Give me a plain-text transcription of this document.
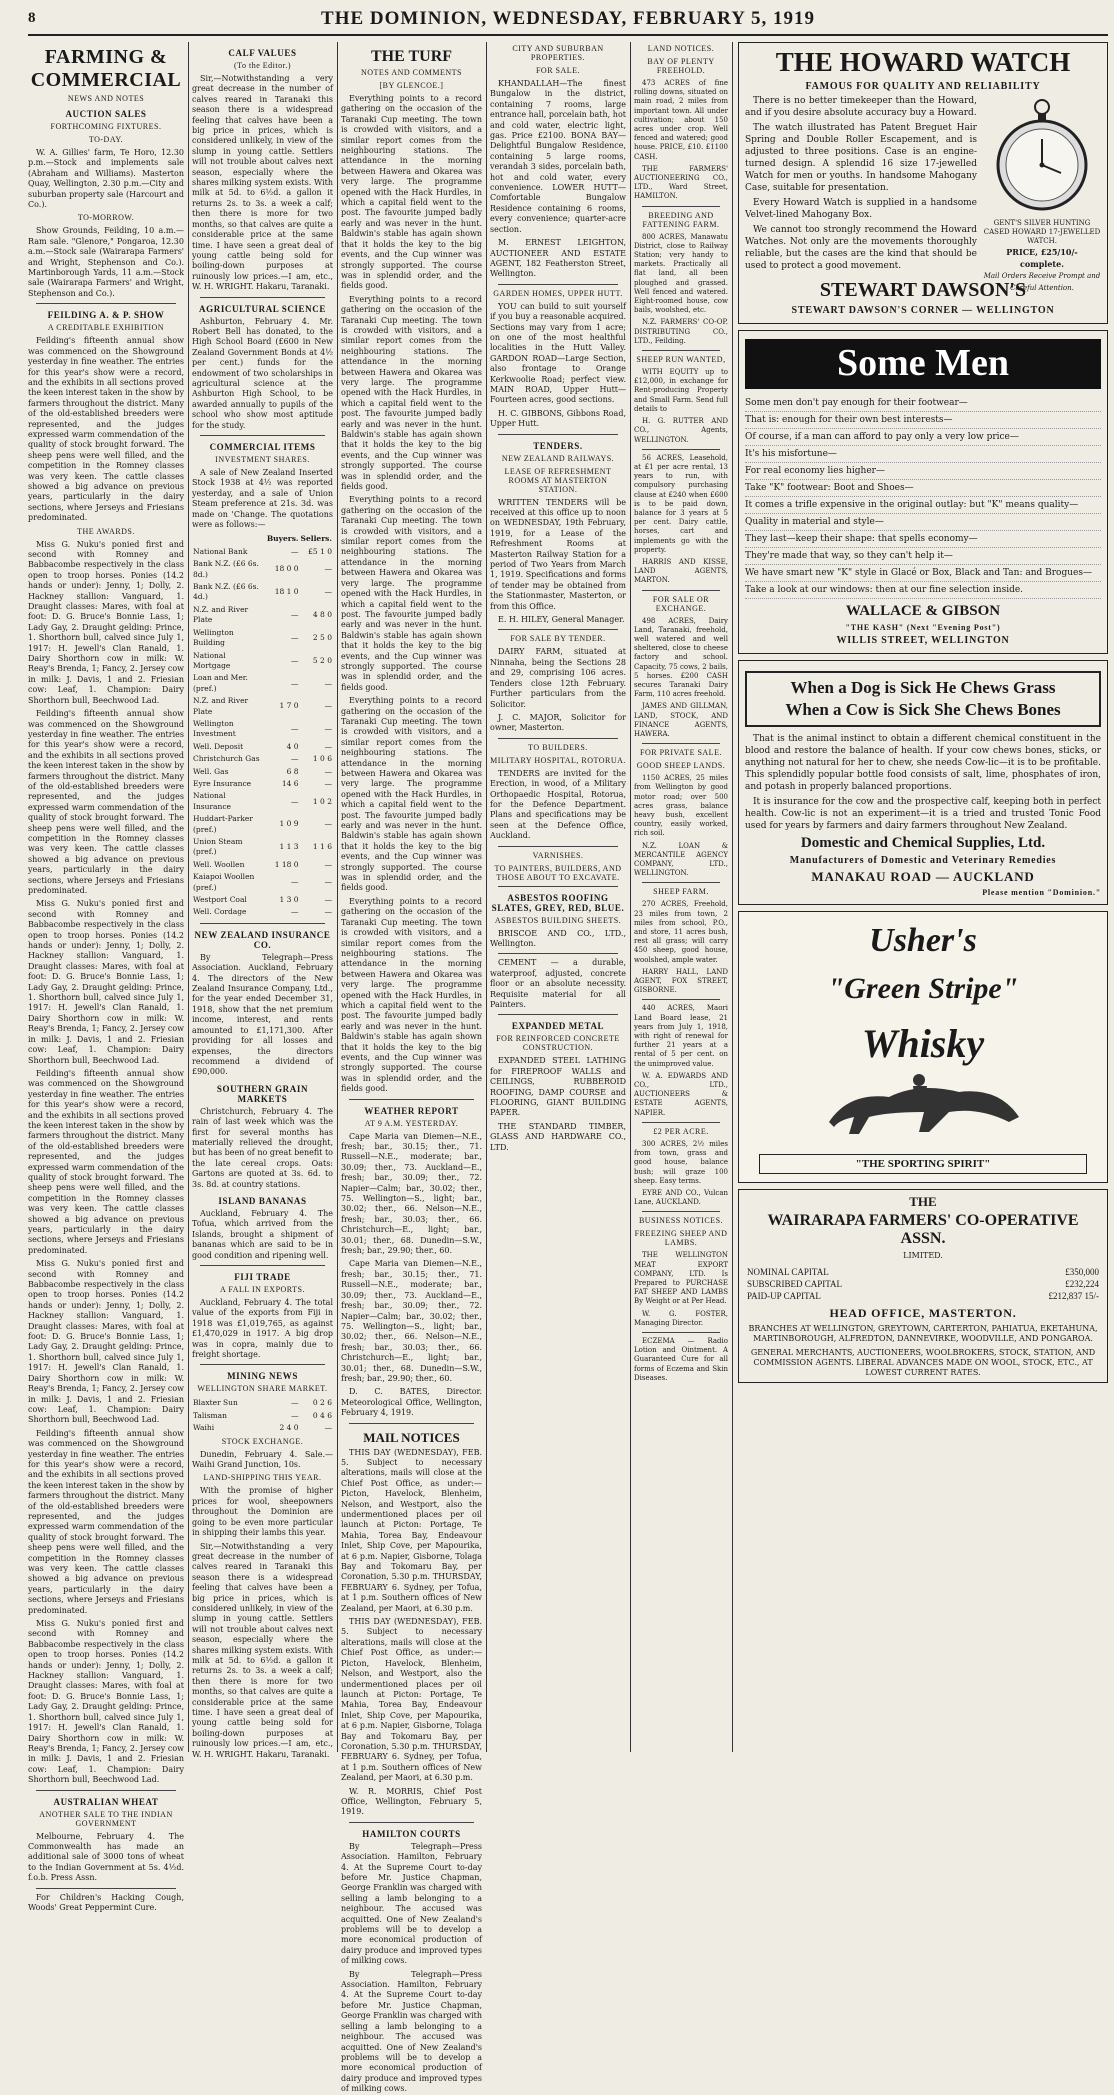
8	THE DOMINION, WEDNESDAY, FEBRUARY 5, 1919
FARMING & COMMERCIAL
NEWS AND NOTES
AUCTION SALES
FORTHCOMING FIXTURES.
TO-DAY.

W. A. Gillies' farm, Te Horo, 12.30 p.m.—Stock and implements sale (Abraham and Williams). Masterton Quay, Wellington, 2.30 p.m.—City and suburban property sale (Harcourt and Co.).

TO-MORROW.

Show Grounds, Feilding, 10 a.m.—Ram sale. "Glenore," Pongaroa, 12.30 a.m.—Stock sale (Wairarapa Farmers' and Wright, Stephenson and Co.). Martinborough Yards, 11 a.m.—Stock sale (Wairarapa Farmers' and Wright, Stephenson and Co.).

FEILDING A. & P. SHOW
A CREDITABLE EXHIBITION

Feilding's fifteenth annual show was commenced on the Showground yesterday in fine weather. The entries for this year's show were a record, and the exhibits in all sections proved the keen interest taken in the show by farmers throughout the district. Many of the old-established breeders were represented, and the judges expressed warm commendation of the quality of stock brought forward. The sheep pens were well filled, and the competition in the Romney classes was very keen. The cattle classes showed a big advance on previous years, particularly in the dairy sections, where Jerseys and Friesians predominated.

THE AWARDS.

Miss G. Nuku's ponied first and second with Romney and Babbacombe respectively in the class open to troop horses. Ponies (14.2 hands or under): Jenny, 1; Dolly, 2. Hackney stallion: Vanguard, 1. Draught classes: Mares, with foal at foot: D. G. Bruce's Bonnie Lass, 1; Lady Gay, 2. Draught gelding: Prince, 1. Shorthorn bull, calved since July 1, 1917: H. Jewell's Clan Ranald, 1. Dairy Shorthorn cow in milk: W. Reay's Brenda, 1; Fancy, 2. Jersey cow in milk: J. Davis, 1 and 2. Friesian cow: Leaf, 1. Champion: Dairy Shorthorn bull, Beechwood Lad.

Feilding's fifteenth annual show was commenced on the Showground yesterday in fine weather. The entries for this year's show were a record, and the exhibits in all sections proved the keen interest taken in the show by farmers throughout the district. Many of the old-established breeders were represented, and the judges expressed warm commendation of the quality of stock brought forward. The sheep pens were well filled, and the competition in the Romney classes was very keen. The cattle classes showed a big advance on previous years, particularly in the dairy sections, where Jerseys and Friesians predominated.

Miss G. Nuku's ponied first and second with Romney and Babbacombe respectively in the class open to troop horses. Ponies (14.2 hands or under): Jenny, 1; Dolly, 2. Hackney stallion: Vanguard, 1. Draught classes: Mares, with foal at foot: D. G. Bruce's Bonnie Lass, 1; Lady Gay, 2. Draught gelding: Prince, 1. Shorthorn bull, calved since July 1, 1917: H. Jewell's Clan Ranald, 1. Dairy Shorthorn cow in milk: W. Reay's Brenda, 1; Fancy, 2. Jersey cow in milk: J. Davis, 1 and 2. Friesian cow: Leaf, 1. Champion: Dairy Shorthorn bull, Beechwood Lad.

Feilding's fifteenth annual show was commenced on the Showground yesterday in fine weather. The entries for this year's show were a record, and the exhibits in all sections proved the keen interest taken in the show by farmers throughout the district. Many of the old-established breeders were represented, and the judges expressed warm commendation of the quality of stock brought forward. The sheep pens were well filled, and the competition in the Romney classes was very keen. The cattle classes showed a big advance on previous years, particularly in the dairy sections, where Jerseys and Friesians predominated.

Miss G. Nuku's ponied first and second with Romney and Babbacombe respectively in the class open to troop horses. Ponies (14.2 hands or under): Jenny, 1; Dolly, 2. Hackney stallion: Vanguard, 1. Draught classes: Mares, with foal at foot: D. G. Bruce's Bonnie Lass, 1; Lady Gay, 2. Draught gelding: Prince, 1. Shorthorn bull, calved since July 1, 1917: H. Jewell's Clan Ranald, 1. Dairy Shorthorn cow in milk: W. Reay's Brenda, 1; Fancy, 2. Jersey cow in milk: J. Davis, 1 and 2. Friesian cow: Leaf, 1. Champion: Dairy Shorthorn bull, Beechwood Lad.

Feilding's fifteenth annual show was commenced on the Showground yesterday in fine weather. The entries for this year's show were a record, and the exhibits in all sections proved the keen interest taken in the show by farmers throughout the district. Many of the old-established breeders were represented, and the judges expressed warm commendation of the quality of stock brought forward. The sheep pens were well filled, and the competition in the Romney classes was very keen. The cattle classes showed a big advance on previous years, particularly in the dairy sections, where Jerseys and Friesians predominated.

Miss G. Nuku's ponied first and second with Romney and Babbacombe respectively in the class open to troop horses. Ponies (14.2 hands or under): Jenny, 1; Dolly, 2. Hackney stallion: Vanguard, 1. Draught classes: Mares, with foal at foot: D. G. Bruce's Bonnie Lass, 1; Lady Gay, 2. Draught gelding: Prince, 1. Shorthorn bull, calved since July 1, 1917: H. Jewell's Clan Ranald, 1. Dairy Shorthorn cow in milk: W. Reay's Brenda, 1; Fancy, 2. Jersey cow in milk: J. Davis, 1 and 2. Friesian cow: Leaf, 1. Champion: Dairy Shorthorn bull, Beechwood Lad.

AUSTRALIAN WHEAT
ANOTHER SALE TO THE INDIAN GOVERNMENT

Melbourne, February 4. The Commonwealth has made an additional sale of 3000 tons of wheat to the Indian Government at 5s. 4½d. f.o.b. Press Assn.

For Children's Hacking Cough, Woods' Great Peppermint Cure.

CALF VALUES
(To the Editor.)

Sir,—Notwithstanding a very great decrease in the number of calves reared in Taranaki this season there is a widespread feeling that calves have been a big price in prices, which is considered unlikely, in view of the slump in young cattle. Settlers will not trouble about calves next season, especially where the shares milking system exists. With milk at 5d. to 6½d. a gallon it returns 2s. to 3s. a week a calf; then there is more for two months, so that calves are quite a considerable price at the same time. I have seen a great deal of young cattle being sold for boiling-down purposes at ruinously low prices.—I am, etc., W. H. WRIGHT. Hakaru, Taranaki.

AGRICULTURAL SCIENCE

Ashburton, February 4. Mr. Robert Bell has donated, to the High School Board (£600 in New Zealand Government Bonds at 4½ per cent.) funds for the endowment of two scholarships in agricultural science at the Ashburton High School, to be awarded annually to pupils of the school who show most aptitude for the study.

COMMERCIAL ITEMS
INVESTMENT SHARES.

A sale of New Zealand Inserted Stock 1938 at 4½ was reported yesterday, and a sale of Union Steam preference at 21s. 3d. was made on 'Change. The quotations were as follows:—

	Buyers.	Sellers.
National Bank	—	£5 1 0
Bank N.Z. (£6 6s. 8d.)	18 0 0	—
Bank N.Z. (£6 6s. 4d.)	18 1 0	—
N.Z. and River Plate	—	4 8 0
Wellington Building	—	2 5 0
National Mortgage	—	5 2 0
Loan and Mer. (pref.)	—	—
N.Z. and River Plate	1 7 0	—
Wellington Investment	—	—
Well. Deposit	4 0	—
Christchurch Gas	—	1 0 6
Well. Gas	6 8	—
Eyre Insurance	14 6	—
National Insurance	—	1 0 2
Huddart-Parker (pref.)	1 0 9	—
Union Steam (pref.)	1 1 3	1 1 6
Well. Woollen	1 18 0	—
Kaiapoi Woollen (pref.)	—	—
Westport Coal	1 3 0	—
Well. Cordage	—	—
NEW ZEALAND INSURANCE CO.

By Telegraph—Press Association. Auckland, February 4. The directors of the New Zealand Insurance Company, Ltd., for the year ended December 31, 1918, show that the net premium income, interest, and rents amounted to £1,171,300. After providing for all losses and expenses, the directors recommend a dividend of £90,000.

SOUTHERN GRAIN MARKETS

Christchurch, February 4. The rain of last week which was the first for several months has materially relieved the drought, but has been of no great benefit to the late cereal crops. Oats: Gartons are quoted at 3s. 6d. to 3s. 8d. at country stations.

ISLAND BANANAS

Auckland, February 4. The Tofua, which arrived from the Islands, brought a shipment of bananas which are said to be in good condition and ripening well.

FIJI TRADE
A FALL IN EXPORTS.

Auckland, February 4. The total value of the exports from Fiji in 1918 was £1,019,765, as against £1,470,029 in 1917. A big drop was in copra, mainly due to freight shortage.

MINING NEWS
WELLINGTON SHARE MARKET.
Blaxter Sun	—	0 2 6
Talisman	—	0 4 6
Waihi	2 4 0	—
STOCK EXCHANGE.

Dunedin, February 4. Sale.—Waihi Grand Junction, 10s.

LAND-SHIPPING THIS YEAR.

With the promise of higher prices for wool, sheepowners throughout the Dominion are going to be even more particular in shipping their lambs this year.

Sir,—Notwithstanding a very great decrease in the number of calves reared in Taranaki this season there is a widespread feeling that calves have been a big price in prices, which is considered unlikely, in view of the slump in young cattle. Settlers will not trouble about calves next season, especially where the shares milking system exists. With milk at 5d. to 6½d. a gallon it returns 2s. to 3s. a week a calf; then there is more for two months, so that calves are quite a considerable price at the same time. I have seen a great deal of young cattle being sold for boiling-down purposes at ruinously low prices.—I am, etc., W. H. WRIGHT. Hakaru, Taranaki.

THE TURF
NOTES AND COMMENTS
[BY GLENCOE.]

Everything points to a record gathering on the occasion of the Taranaki Cup meeting. The town is crowded with visitors, and a similar report comes from the neighbouring stations. The attendance in the morning between Hawera and Okarea was very large. The programme opened with the Hack Hurdles, in which a capital field went to the post. The favourite jumped badly early and was never in the hunt. Baldwin's stable has again shown that it holds the key to the big events, and the Cup winner was strongly supported. The course was in splendid order, and the fields good.

Everything points to a record gathering on the occasion of the Taranaki Cup meeting. The town is crowded with visitors, and a similar report comes from the neighbouring stations. The attendance in the morning between Hawera and Okarea was very large. The programme opened with the Hack Hurdles, in which a capital field went to the post. The favourite jumped badly early and was never in the hunt. Baldwin's stable has again shown that it holds the key to the big events, and the Cup winner was strongly supported. The course was in splendid order, and the fields good.

Everything points to a record gathering on the occasion of the Taranaki Cup meeting. The town is crowded with visitors, and a similar report comes from the neighbouring stations. The attendance in the morning between Hawera and Okarea was very large. The programme opened with the Hack Hurdles, in which a capital field went to the post. The favourite jumped badly early and was never in the hunt. Baldwin's stable has again shown that it holds the key to the big events, and the Cup winner was strongly supported. The course was in splendid order, and the fields good.

Everything points to a record gathering on the occasion of the Taranaki Cup meeting. The town is crowded with visitors, and a similar report comes from the neighbouring stations. The attendance in the morning between Hawera and Okarea was very large. The programme opened with the Hack Hurdles, in which a capital field went to the post. The favourite jumped badly early and was never in the hunt. Baldwin's stable has again shown that it holds the key to the big events, and the Cup winner was strongly supported. The course was in splendid order, and the fields good.

Everything points to a record gathering on the occasion of the Taranaki Cup meeting. The town is crowded with visitors, and a similar report comes from the neighbouring stations. The attendance in the morning between Hawera and Okarea was very large. The programme opened with the Hack Hurdles, in which a capital field went to the post. The favourite jumped badly early and was never in the hunt. Baldwin's stable has again shown that it holds the key to the big events, and the Cup winner was strongly supported. The course was in splendid order, and the fields good.

WEATHER REPORT
AT 9 A.M. YESTERDAY.

Cape Maria van Diemen—N.E., fresh; bar., 30.15; ther., 71. Russell—N.E., moderate; bar., 30.09; ther., 73. Auckland—E., fresh; bar., 30.09; ther., 72. Napier—Calm; bar., 30.02; ther., 75. Wellington—S., light; bar., 30.02; ther., 66. Nelson—N.E., fresh; bar., 30.03; ther., 66. Christchurch—E., light; bar., 30.01; ther., 68. Dunedin—S.W., fresh; bar., 29.90; ther., 60.

Cape Maria van Diemen—N.E., fresh; bar., 30.15; ther., 71. Russell—N.E., moderate; bar., 30.09; ther., 73. Auckland—E., fresh; bar., 30.09; ther., 72. Napier—Calm; bar., 30.02; ther., 75. Wellington—S., light; bar., 30.02; ther., 66. Nelson—N.E., fresh; bar., 30.03; ther., 66. Christchurch—E., light; bar., 30.01; ther., 68. Dunedin—S.W., fresh; bar., 29.90; ther., 60.

D. C. BATES, Director. Meteorological Office, Wellington, February 4, 1919.

MAIL NOTICES

THIS DAY (WEDNESDAY), FEB. 5. Subject to necessary alterations, mails will close at the Chief Post Office, as under:— Picton, Havelock, Blenheim, Nelson, and Westport, also the undermentioned places per oil launch at Picton: Portage, Te Mahia, Torea Bay, Endeavour Inlet, Ship Cove, per Mapourika, at 6 p.m. Napier, Gisborne, Tolaga Bay and Tokomaru Bay, per Coronation, 5.30 p.m. THURSDAY, FEBRUARY 6. Sydney, per Tofua, at 1 p.m. Southern offices of New Zealand, per Maori, at 6.30 p.m.

THIS DAY (WEDNESDAY), FEB. 5. Subject to necessary alterations, mails will close at the Chief Post Office, as under:— Picton, Havelock, Blenheim, Nelson, and Westport, also the undermentioned places per oil launch at Picton: Portage, Te Mahia, Torea Bay, Endeavour Inlet, Ship Cove, per Mapourika, at 6 p.m. Napier, Gisborne, Tolaga Bay and Tokomaru Bay, per Coronation, 5.30 p.m. THURSDAY, FEBRUARY 6. Sydney, per Tofua, at 1 p.m. Southern offices of New Zealand, per Maori, at 6.30 p.m.

W. R. MORRIS, Chief Post Office, Wellington, February 5, 1919.

HAMILTON COURTS

By Telegraph—Press Association. Hamilton, February 4. At the Supreme Court to-day before Mr. Justice Chapman, George Franklin was charged with selling a lamb belonging to a neighbour. The accused was acquitted. One of New Zealand's problems will be to develop a more economical production of dairy produce and improved types of milking cows.

By Telegraph—Press Association. Hamilton, February 4. At the Supreme Court to-day before Mr. Justice Chapman, George Franklin was charged with selling a lamb belonging to a neighbour. The accused was acquitted. One of New Zealand's problems will be to develop a more economical production of dairy produce and improved types of milking cows.

CITY AND SUBURBAN PROPERTIES.
FOR SALE.

KHANDALLAH—The finest Bungalow in the district, containing 7 rooms, large entrance hall, porcelain bath, hot and cold water, electric light, gas. Price £2100. BONA BAY—Delightful Bungalow Residence, containing 5 large rooms, verandah 3 sides, porcelain bath, hot and cold water, every convenience. LOWER HUTT—Comfortable Bungalow Residence containing 6 rooms, every convenience; quarter-acre section.

M. ERNEST LEIGHTON, AUCTIONEER AND ESTATE AGENT, 182 Featherston Street, Wellington.

GARDEN HOMES, UPPER HUTT.

YOU can build to suit yourself if you buy a reasonable acquired. Sections may vary from 1 acre; on one of the most healthful localities in the Hutt Valley. GARDON ROAD—Large Section, also frontage to Orange Kerkwoolie Road; perfect view. MAIN ROAD, Upper Hutt—Fourteen acres, good sections.

H. C. GIBBONS, Gibbons Road, Upper Hutt.

TENDERS.
NEW ZEALAND RAILWAYS.
LEASE OF REFRESHMENT ROOMS AT MASTERTON STATION.

WRITTEN TENDERS will be received at this office up to noon on WEDNESDAY, 19th February, 1919, for a Lease of the Refreshment Rooms at Masterton Railway Station for a period of Two Years from March 1, 1919. Specifications and forms of tender may be obtained from the Stationmaster, Masterton, or from this Office.

E. H. HILEY, General Manager.

FOR SALE BY TENDER.

DAIRY FARM, situated at Ninnaha, being the Sections 28 and 29, comprising 106 acres. Tenders close 12th February. Further particulars from the Solicitor.

J. C. MAJOR, Solicitor for owner, Masterton.

TO BUILDERS.
MILITARY HOSPITAL, ROTORUA.

TENDERS are invited for the Erection, in wood, of a Military Orthopaedic Hospital, Rotorua, for the Defence Department. Plans and specifications may be seen at the Defence Office, Auckland.

VARNISHES.
TO PAINTERS, BUILDERS, AND THOSE ABOUT TO EXCAVATE.
ASBESTOS ROOFING SLATES, GREY, RED, BLUE.
ASBESTOS BUILDING SHEETS.

BRISCOE AND CO., LTD., Wellington.

CEMENT — a durable, waterproof, adjusted, concrete floor or an absolute necessity. Requisite material for all Painters.

EXPANDED METAL
FOR REINFORCED CONCRETE CONSTRUCTION.

EXPANDED STEEL LATHING for FIREPROOF WALLS and CEILINGS, RUBBEROID ROOFING, DAMP COURSE and FLOORING, GIANT BUILDING PAPER.

THE STANDARD TIMBER, GLASS AND HARDWARE CO., LTD.

LAND NOTICES.
BAY OF PLENTY FREEHOLD.

473 ACRES of fine rolling downs, situated on main road, 2 miles from important town. All under cultivation; about 150 acres under crop. Well fenced and watered; good house. PRICE, £10. £1100 CASH.

THE FARMERS' AUCTIONEERING CO., LTD., Ward Street, HAMILTON.

BREEDING AND FATTENING FARM.

800 ACRES, Manawatu District, close to Railway Station; very handy to markets. Practically all flat land, all been ploughed and grassed. Well fenced and watered. Eight-roomed house, cow bails, woolshed, etc.

N.Z. FARMERS' CO-OP. DISTRIBUTING CO., LTD., Feilding.

SHEEP RUN WANTED,

WITH EQUITY up to £12,000, in exchange for Rent-producing Property and Small Farm. Send full details to

H. G. RUTTER AND CO., Agents, WELLINGTON.

56 ACRES, Leasehold, at £1 per acre rental, 13 years to run, with compulsory purchasing clause at £240 when £600 is to be paid down, balance for 3 years at 5 per cent. Dairy cattle, horses, cart and implements go with the property.

HARRIS AND KISSE, LAND AGENTS, MARTON.

FOR SALE OR EXCHANGE.

498 ACRES, Dairy Land, Taranaki, freehold, well watered and well sheltered, close to cheese factory and school. Capacity, 75 cows, 2 bails, 5 horses. £200 CASH secures Taranaki Dairy Farm, 110 acres freehold.

JAMES AND GILLMAN, LAND, STOCK, AND FINANCE AGENTS, HAWERA.

FOR PRIVATE SALE.
GOOD SHEEP LANDS.

1150 ACRES, 25 miles from Wellington by good motor road; over 500 acres grass, balance heavy bush, excellent country, easily worked, rich soil.

N.Z. LOAN & MERCANTILE AGENCY COMPANY, LTD., WELLINGTON.

SHEEP FARM.

270 ACRES, Freehold, 23 miles from town, 2 miles from school, P.O., and store, 11 acres bush, rest all grass; will carry 450 sheep, good house, woolshed, ample water.

HARRY HALL, LAND AGENT, FOX STREET, GISBORNE.

440 ACRES, Maori Land Board lease, 21 years from July 1, 1918, with right of renewal for further 21 years at a rental of 5 per cent. on the unimproved value.

W. A. EDWARDS AND CO., LTD., AUCTIONEERS & ESTATE AGENTS, NAPIER.

£2 PER ACRE.

300 ACRES, 2½ miles from town, grass and good house, balance bush; will graze 100 sheep. Easy terms.

EYRE AND CO., Vulcan Lane, AUCKLAND.

BUSINESS NOTICES.
FREEZING SHEEP AND LAMBS.

THE WELLINGTON MEAT EXPORT COMPANY, LTD. Is Prepared to PURCHASE FAT SHEEP AND LAMBS By Weight or at Per Head.

W. G. FOSTER, Managing Director.

ECZEMA — Radio Lotion and Ointment. A Guaranteed Cure for all forms of Eczema and Skin Diseases.

THE HOWARD WATCH
FAMOUS FOR QUALITY AND RELIABILITY

There is no better timekeeper than the Howard, and if you desire absolute accuracy buy a Howard.

The watch illustrated has Patent Breguet Hair Spring and Double Roller Escapement, and is adjusted to three positions. Case is an engine-turned design. A splendid 16 size 17-jewelled Watch for men or youths. In handsome Mahogany Case, suitable for presentation.

Every Howard Watch is supplied in a handsome Velvet-lined Mahogany Box.

We cannot too strongly recommend the Howard Watches. Not only are the movements thoroughly reliable, but the cases are the kind that should be used to protect a good movement.

GENT'S SILVER HUNTING CASED HOWARD 17-JEWELLED WATCH.
PRICE, £25/10/- complete.
Mail Orders Receive Prompt and Careful Attention.
STEWART DAWSON'S
STEWART DAWSON'S CORNER — WELLINGTON
Some Men
Some men don't pay enough for their footwear—
That is: enough for their own best interests—
Of course, if a man can afford to pay only a very low price—
It's his misfortune—
For real economy lies higher—
Take "K" footwear: Boot and Shoes—
It comes a trifle expensive in the original outlay: but "K" means quality—
Quality in material and style—
They last—keep their shape: that spells economy—
They're made that way, so they can't help it—
We have smart new "K" style in Glacé or Box, Black and Tan: and Brogues—
Take a look at our windows: then at our fine selection inside.
WALLACE & GIBSON
"THE KASH" (Next "Evening Post")
WILLIS STREET, WELLINGTON
When a Dog is Sick He Chews Grass
When a Cow is Sick She Chews Bones

That is the animal instinct to obtain a different chemical constituent in the blood and restore the balance of health. If your cow chews bones, sticks, or anything not natural for her to chew, she needs Cow-lic—it is to be profitable. This splendidly popular bottle food consists of salt, lime, phosphates of iron, and potash in properly balanced proportions.

It is insurance for the cow and the prospective calf, keeping both in perfect health. Cow-lic is not an experiment—it is a tried and trusted Tonic Food used for years by farmers and dairy farmers throughout New Zealand.

Domestic and Chemical Supplies, Ltd.
Manufacturers of Domestic and Veterinary Remedies
MANAKAU ROAD — AUCKLAND
Please mention "Dominion."
Usher's
"Green Stripe"
Whisky
"THE SPORTING SPIRIT"
THE
WAIRARAPA FARMERS' CO-OPERATIVE ASSN.
LIMITED.
NOMINAL CAPITAL	£350,000
SUBSCRIBED CAPITAL	£232,224
PAID-UP CAPITAL	£212,837 15/-
HEAD OFFICE, MASTERTON.
BRANCHES AT WELLINGTON, GREYTOWN, CARTERTON, PAHIATUA, EKETAHUNA, MARTINBOROUGH, ALFREDTON, DANNEVIRKE, WOODVILLE, AND PONGAROA.
GENERAL MERCHANTS, AUCTIONEERS, WOOLBROKERS, STOCK, STATION, AND COMMISSION AGENTS. LIBERAL ADVANCES MADE ON WOOL, STOCK, ETC., AT LOWEST CURRENT RATES.
